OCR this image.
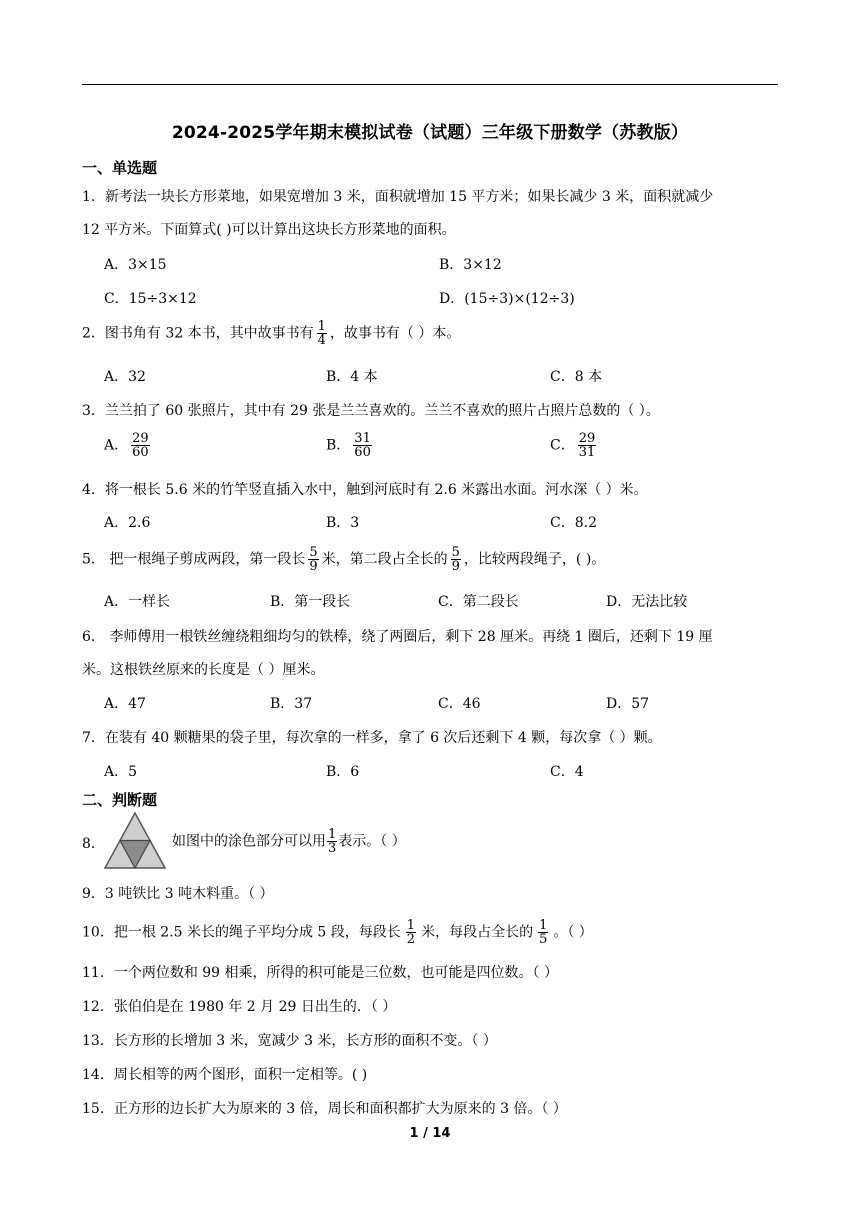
2024-2025学年期末模拟试卷（试题）三年级下册数学（苏教版）
一、单选题
1．新考法一块长方形菜地，如果宽增加 3 米，面积就增加 15 平方米；如果长减少 3 米，面积就减少
12 平方米。下面算式( )可以计算出这块长方形菜地的面积。
A．3×15	B．3×12
C．15÷3×12	D．(15÷3)×(12÷3)
2．图书角有 32 本书，其中故事书有 $\frac{1}{4}$ ，故事书有（ ）本。
A．32	B．4 本	C．8 本
3．兰兰拍了 60 张照片，其中有 29 张是兰兰喜欢的。兰兰不喜欢的照片占照片总数的（ ）。
A． $\frac{29}{60}$	B． $\frac{31}{60}$	C． $\frac{29}{31}$
4．将一根长 5.6 米的竹竿竖直插入水中，触到河底时有 2.6 米露出水面。河水深（ ）米。
A．2.6	B．3	C．8.2
5． 把一根绳子剪成两段，第一段长 $\frac{5}{9}$ 米，第二段占全长的 $\frac{5}{9}$ ，比较两段绳子，( )。
A．一样长	B．第一段长	C．第二段长	D．无法比较
6． 李师傅用一根铁丝缠绕粗细均匀的铁棒，绕了两圈后，剩下 28 厘米。再绕 1 圈后，还剩下 19 厘
米。这根铁丝原来的长度是（ ）厘米。
A．47	B．37	C．46	D．57
7．在装有 40 颗糖果的袋子里，每次拿的一样多，拿了 6 次后还剩下 4 颗，每次拿（ ）颗。
A．5	B．6	C．4
二、判断题
8．	如图中的涂色部分可以用 $\frac{1}{3}$ 表示。（ ）
9．3 吨铁比 3 吨木料重。（ ）
10．把一根 2.5 米长的绳子平均分成 5 段，每段长 $\frac{1}{2}$ 米，每段占全长的 $\frac{1}{5}$ 。（ ）
11．一个两位数和 99 相乘，所得的积可能是三位数，也可能是四位数。（ ）
12．张伯伯是在 1980 年 2 月 29 日出生的．（ ）
13．长方形的长增加 3 米，宽减少 3 米，长方形的面积不变。（ ）
14．周长相等的两个图形，面积一定相等。( )
15．正方形的边长扩大为原来的 3 倍，周长和面积都扩大为原来的 3 倍。（ ）
1 / 14
